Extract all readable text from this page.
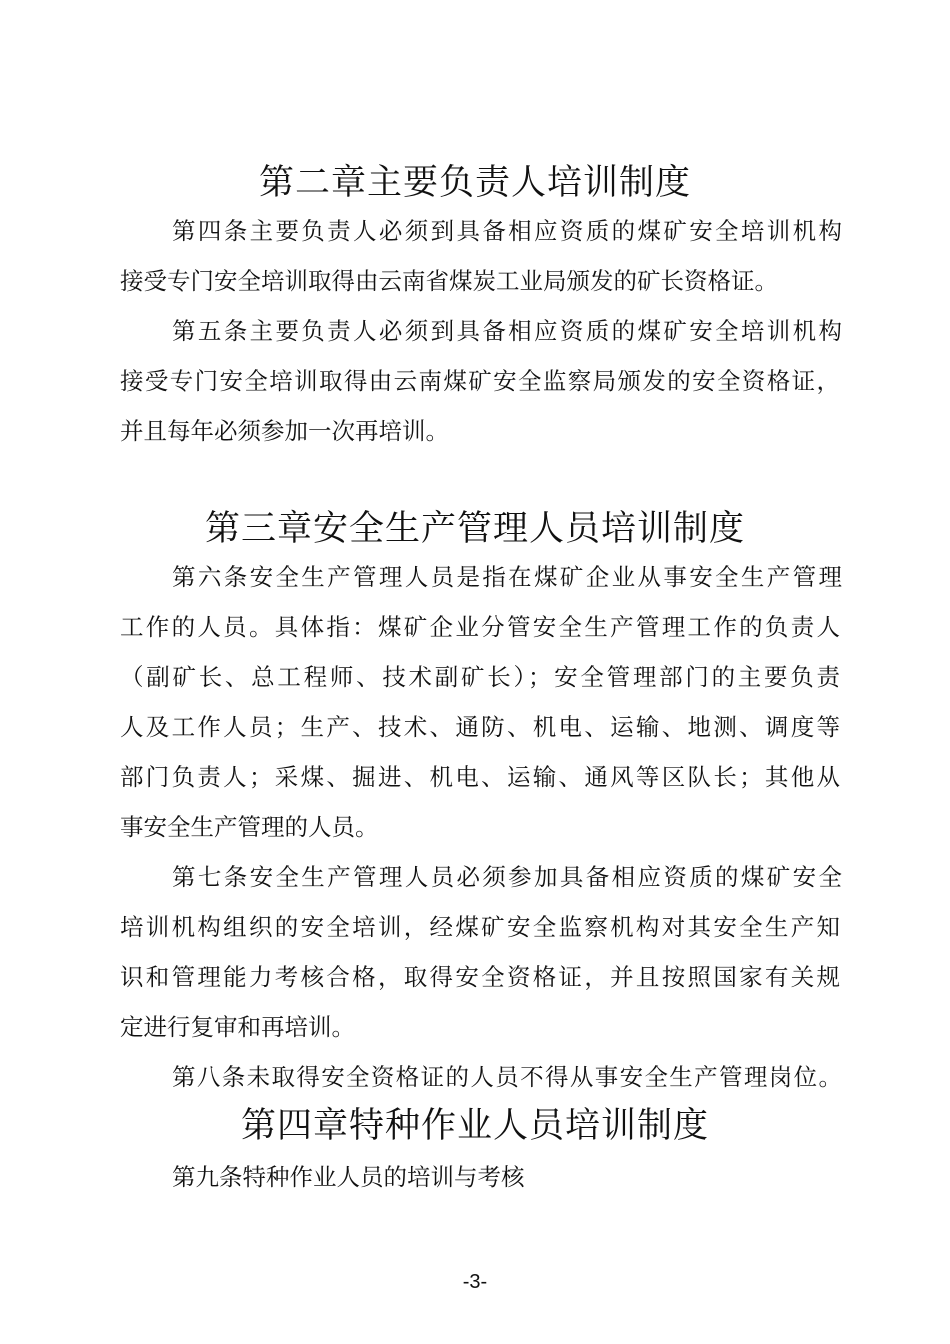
第二章主要负责人培训制度

第四条主要负责人必须到具备相应资质的煤矿安全培训机构

接受专门安全培训取得由云南省煤炭工业局颁发的矿长资格证。

第五条主要负责人必须到具备相应资质的煤矿安全培训机构

接受专门安全培训取得由云南煤矿安全监察局颁发的安全资格证，

并且每年必须参加一次再培训。

第三章安全生产管理人员培训制度

第六条安全生产管理人员是指在煤矿企业从事安全生产管理

工作的人员。具体指：煤矿企业分管安全生产管理工作的负责人

（副矿长、总工程师、技术副矿长）；安全管理部门的主要负责

人及工作人员；生产、技术、通防、机电、运输、地测、调度等

部门负责人；采煤、掘进、机电、运输、通风等区队长；其他从

事安全生产管理的人员。

第七条安全生产管理人员必须参加具备相应资质的煤矿安全

培训机构组织的安全培训，经煤矿安全监察机构对其安全生产知

识和管理能力考核合格，取得安全资格证，并且按照国家有关规

定进行复审和再培训。

第八条未取得安全资格证的人员不得从事安全生产管理岗位。

第四章特种作业人员培训制度

第九条特种作业人员的培训与考核

-3-
